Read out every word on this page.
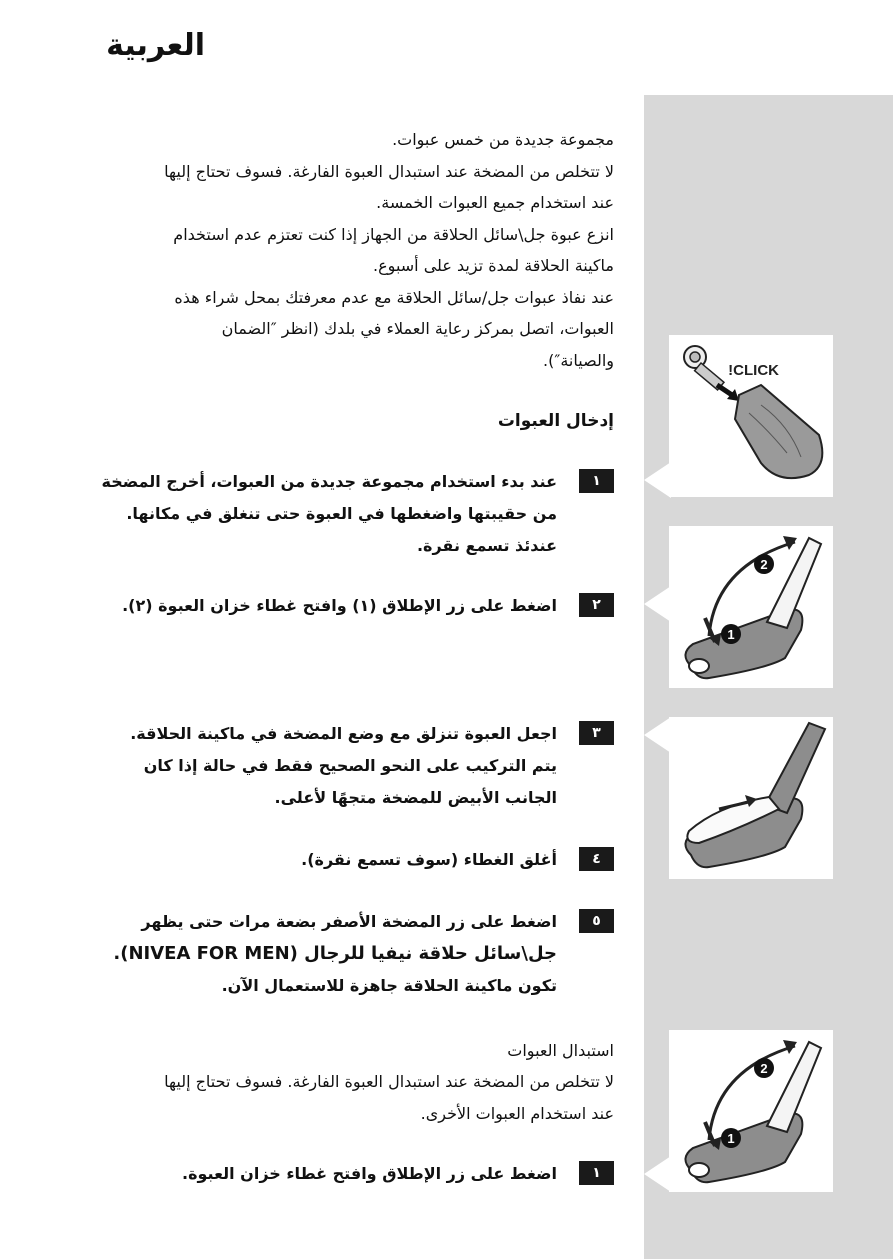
العربية

مجموعة جديدة من خمس عبوات.

لا تتخلص من المضخة عند استبدال العبوة الفارغة. فسوف تحتاج إليها

عند استخدام جميع العبوات الخمسة.

انزع عبوة جل\سائل الحلاقة من الجهاز إذا كنت تعتزم عدم استخدام

ماكينة الحلاقة لمدة تزيد على أسبوع.

عند نفاذ عبوات جل/سائل الحلاقة مع عدم معرفتك بمحل شراء هذه

العبوات، اتصل بمركز رعاية العملاء في بلدك (انظر ″الضمان

والصيانة″).

إدخال العبوات

١
عند بدء استخدام مجموعة جديدة من العبوات، أخرج المضخة
من حقيبتها واضغطها في العبوة حتى تنغلق في مكانها.
عندئذ تسمع نقرة.
٢
اضغط على زر الإطلاق (١) وافتح غطاء خزان العبوة (٢).
٣
اجعل العبوة تنزلق مع وضع المضخة في ماكينة الحلاقة.
يتم التركيب على النحو الصحيح فقط في حالة إذا كان
الجانب الأبيض للمضخة متجهًا لأعلى.
٤
أغلق الغطاء (سوف تسمع نقرة).
٥
اضغط على زر المضخة الأصفر بضعة مرات حتى يظهر
جل\سائل حلاقة نيفيا للرجال (NIVEA FOR MEN).
تكون ماكينة الحلاقة جاهزة للاستعمال الآن.

استبدال العبوات

لا تتخلص من المضخة عند استبدال العبوة الفارغة. فسوف تحتاج إليها

عند استخدام العبوات الأخرى.

١
اضغط على زر الإطلاق وافتح غطاء خزان العبوة.
CLICK!
1
2
1
2
